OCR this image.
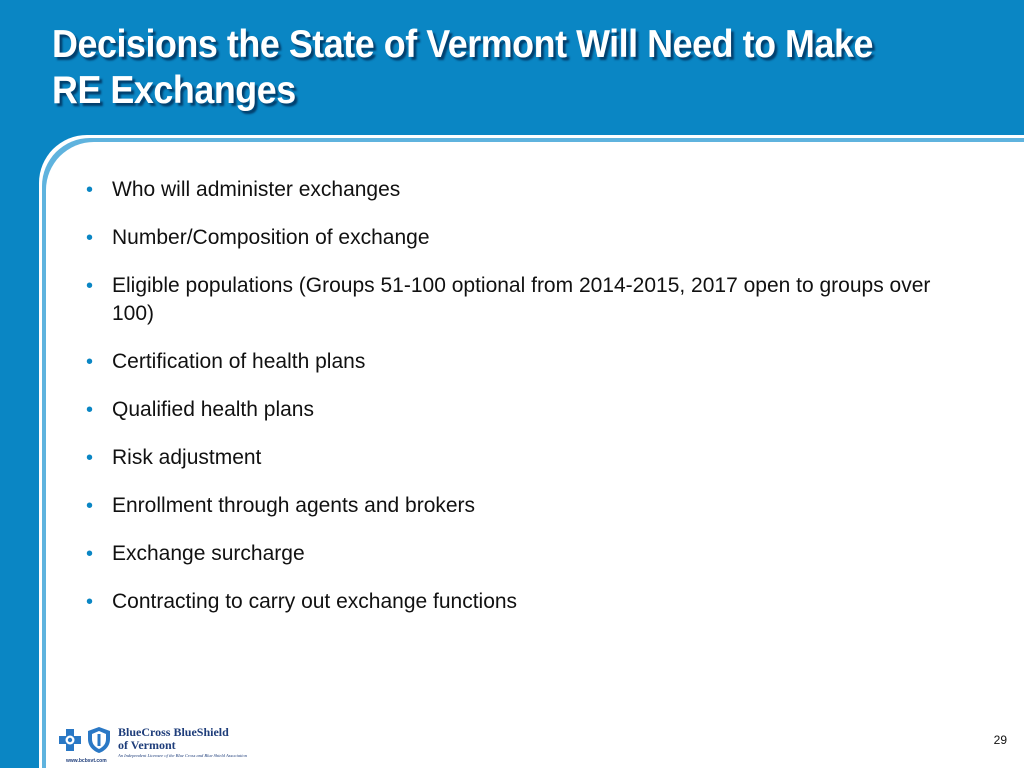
Decisions the State of Vermont Will Need to Make RE Exchanges
• Who will administer exchanges
• Number/Composition of exchange
• Eligible populations (Groups 51-100 optional from 2014-2015, 2017 open to groups over 100)
• Certification of health plans
• Qualified health plans
• Risk adjustment
• Enrollment through agents and brokers
• Exchange surcharge
• Contracting to carry out exchange functions
BlueCross BlueShield
of Vermont
An Independent Licensee of the Blue Cross and Blue Shield Association
www.bcbsvt.com
29
